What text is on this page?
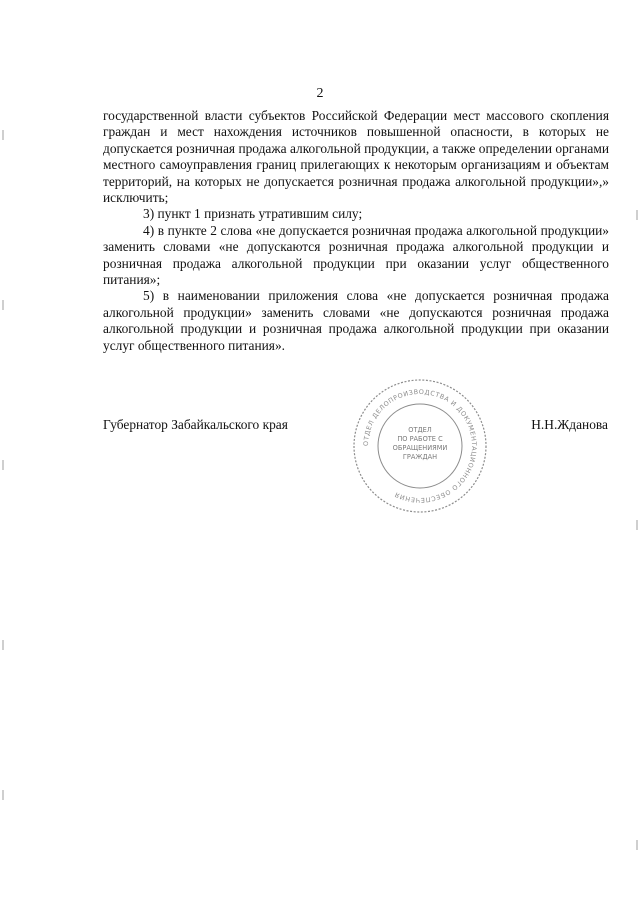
2

государственной власти субъектов Российской Федерации мест массового скопления граждан и мест нахождения источников повышенной опасности, в которых не допускается розничная продажа алкогольной продукции, а также определении органами местного самоуправления границ прилегающих к некоторым организациям и объектам территорий, на которых не допускается розничная продажа алкогольной продукции»,» исключить;

3) пункт 1 признать утратившим силу;

4) в пункте 2 слова «не допускается розничная продажа алкогольной продукции» заменить словами «не допускаются розничная продажа алкогольной продукции и розничная продажа алкогольной продукции при оказании услуг общественного питания»;

5) в наименовании приложения слова «не допускается розничная продажа алкогольной продукции» заменить словами «не допускаются розничная продажа алкогольной продукции и розничная продажа алкогольной продукции при оказании услуг общественного питания».

Губернатор Забайкальского края
ОТДЕЛ ДЕЛОПРОИЗВОДСТВА И ДОКУМЕНТАЦИОННОГО ОБЕСПЕЧЕНИЯ
ОТДЕЛ
ПО РАБОТЕ С
ОБРАЩЕНИЯМИ
ГРАЖДАН
Н.Н.Жданова
